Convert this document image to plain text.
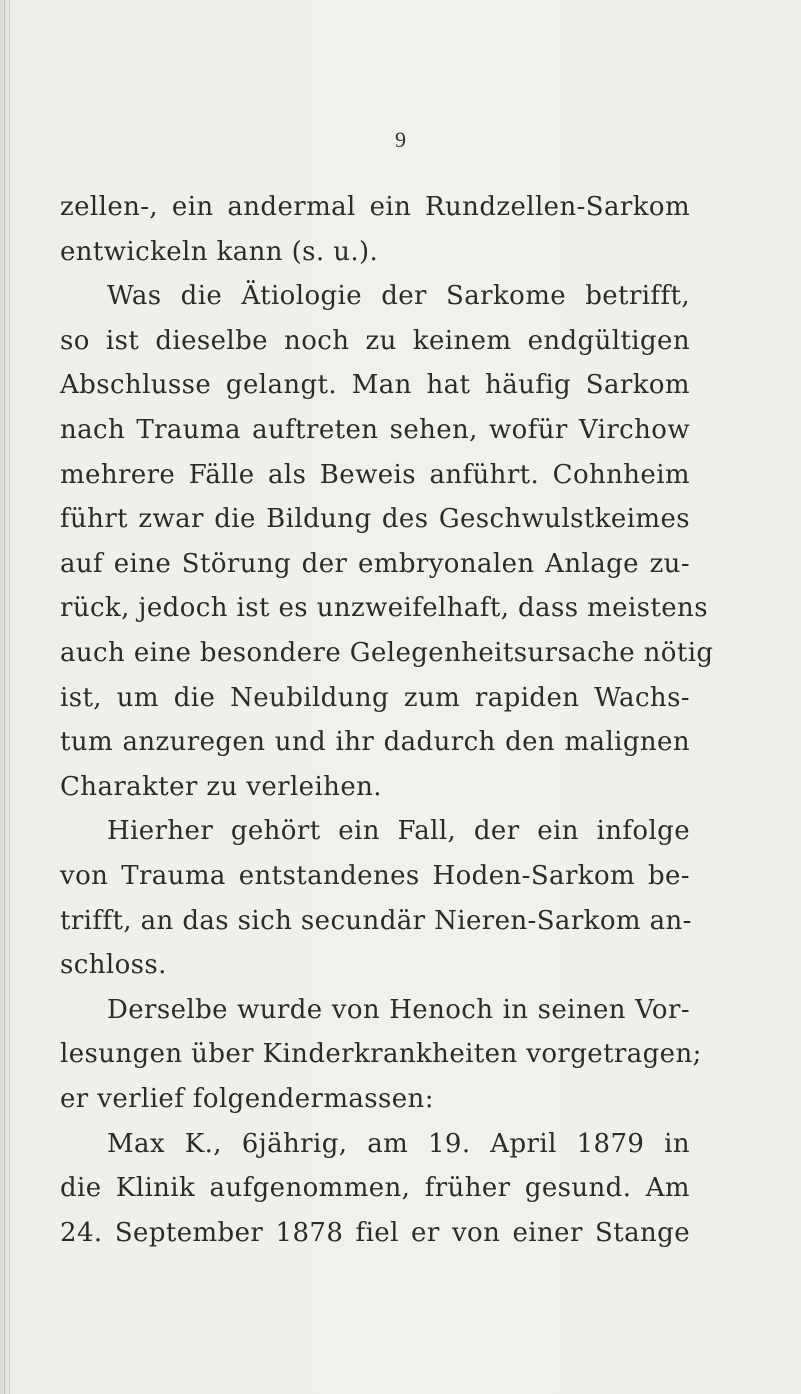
9
zellen-, ein andermal ein Rundzellen-Sarkom
entwickeln kann (s. u.).
Was die Ätiologie der Sarkome betrifft,
so ist dieselbe noch zu keinem endgültigen
Abschlusse gelangt. Man hat häufig Sarkom
nach Trauma auftreten sehen, wofür Virchow
mehrere Fälle als Beweis anführt. Cohnheim
führt zwar die Bildung des Geschwulstkeimes
auf eine Störung der embryonalen Anlage zu-
rück, jedoch ist es unzweifelhaft, dass meistens
auch eine besondere Gelegenheitsursache nötig
ist, um die Neubildung zum rapiden Wachs-
tum anzuregen und ihr dadurch den malignen
Charakter zu verleihen.
Hierher gehört ein Fall, der ein infolge
von Trauma entstandenes Hoden-Sarkom be-
trifft, an das sich secundär Nieren-Sarkom an-
schloss.
Derselbe wurde von Henoch in seinen Vor-
lesungen über Kinderkrankheiten vorgetragen;
er verlief folgendermassen:
Max K., 6jährig, am 19. April 1879 in
die Klinik aufgenommen, früher gesund. Am
24. September 1878 fiel er von einer Stange
